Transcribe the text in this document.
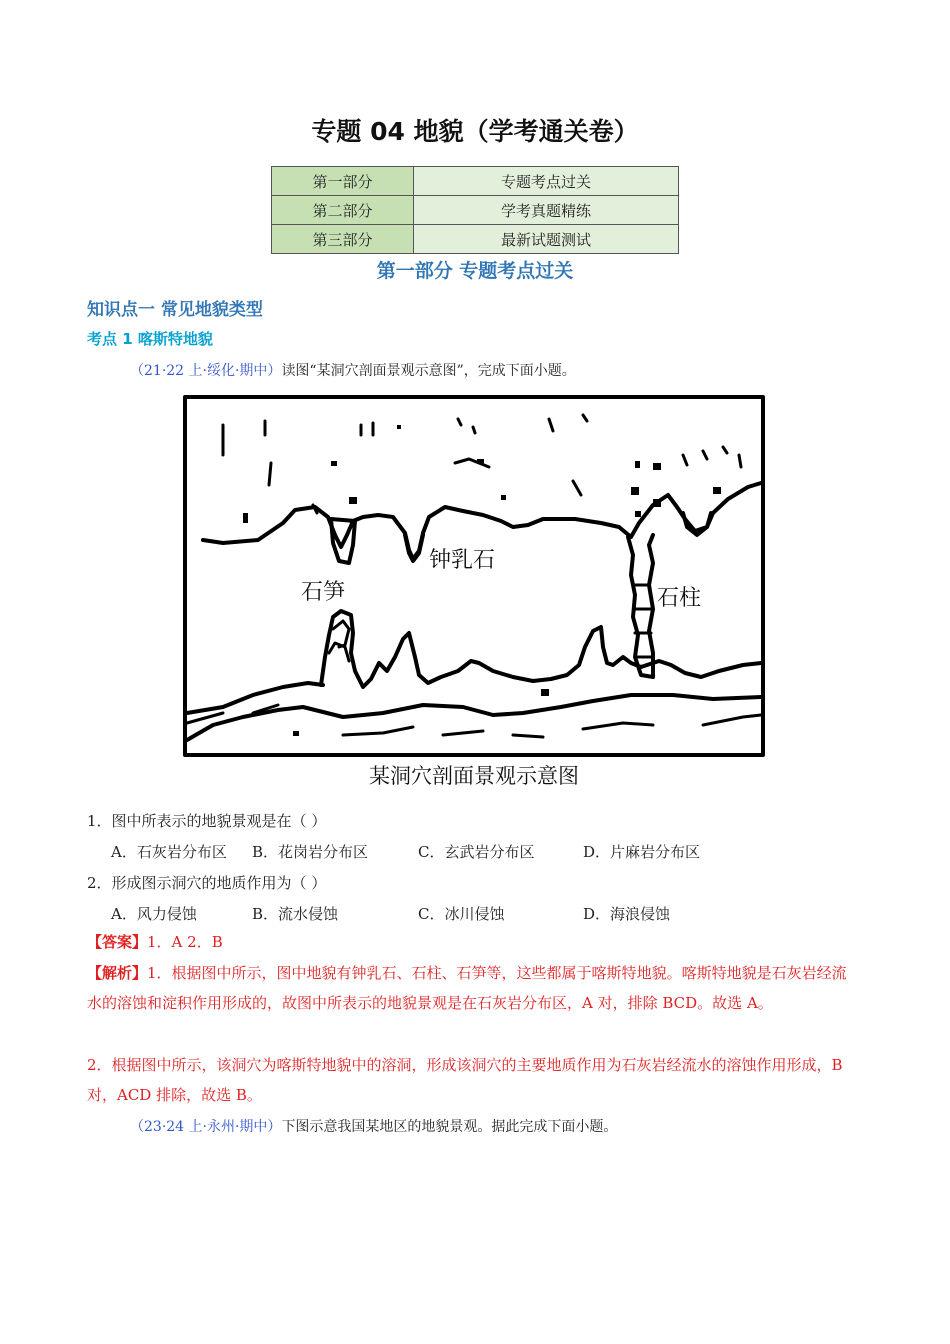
专题 04 地貌（学考通关卷）
第一部分	专题考点过关
第二部分	学考真题精练
第三部分	最新试题测试
第一部分 专题考点过关
知识点一 常见地貌类型
考点 1 喀斯特地貌
（21·22 上·绥化·期中）读图“某洞穴剖面景观示意图”，完成下面小题。
钟乳石
石笋	石柱
某洞穴剖面景观示意图
1．图中所表示的地貌景观是在（ ）
A．石灰岩分布区 B．花岗岩分布区	C．玄武岩分布区	D．片麻岩分布区
2．形成图示洞穴的地质作用为（ ）
A．风力侵蚀	B．流水侵蚀	C．冰川侵蚀	D．海浪侵蚀
【答案】1．A 2．B
【解析】1．根据图中所示，图中地貌有钟乳石、石柱、石笋等，这些都属于喀斯特地貌。喀斯特地貌是石灰岩经流水的溶蚀和淀积作用形成的，故图中所表示的地貌景观是在石灰岩分布区，A 对，排除 BCD。故选 A。
2．根据图中所示，该洞穴为喀斯特地貌中的溶洞，形成该洞穴的主要地质作用为石灰岩经流水的溶蚀作用形成，B 对，ACD 排除，故选 B。
（23·24 上·永州·期中）下图示意我国某地区的地貌景观。据此完成下面小题。
